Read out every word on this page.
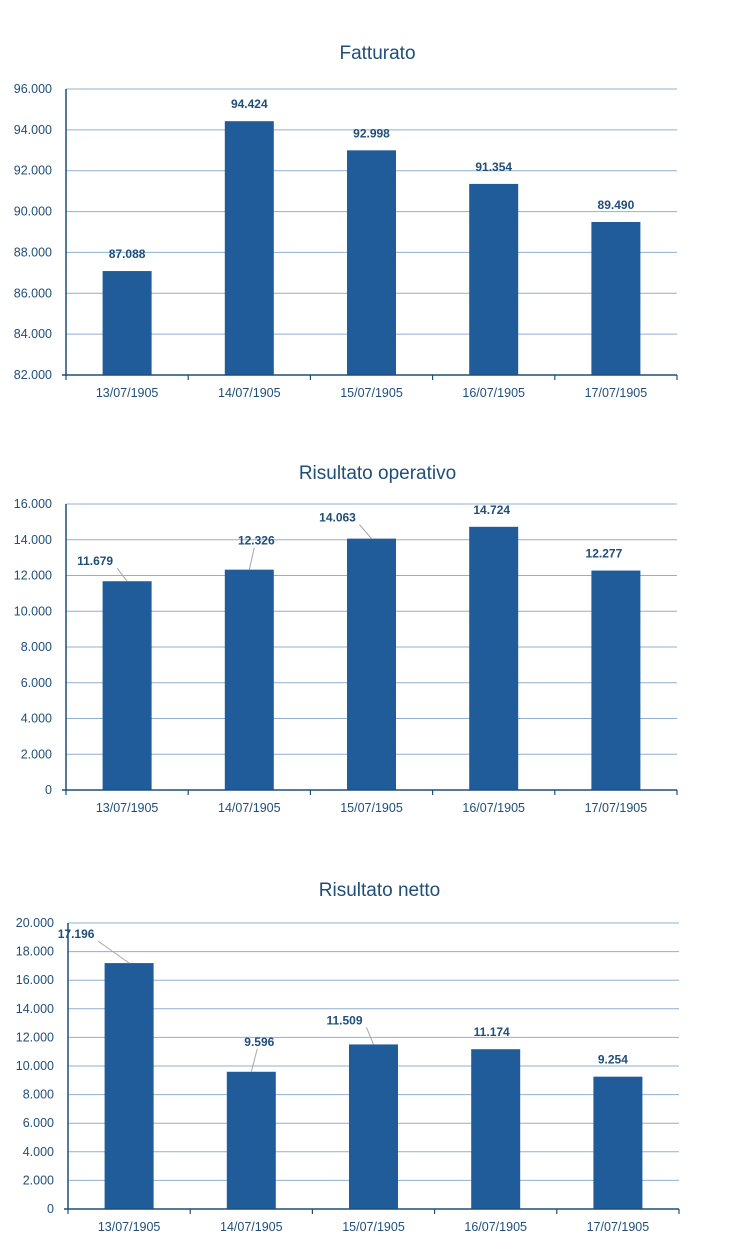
Fatturato
82.000
84.000
86.000
88.000
90.000
92.000
94.000
96.000
13/07/1905	14/07/1905	15/07/1905	16/07/1905	17/07/1905
87.088
94.424
92.998
91.354
89.490
Risultato operativo
0
2.000
4.000
6.000
8.000
10.000
12.000
14.000
16.000
13/07/1905	14/07/1905	15/07/1905	16/07/1905	17/07/1905
11.679
12.326
14.063
14.724
12.277
Risultato netto
0
2.000
4.000
6.000
8.000
10.000
12.000
14.000
16.000
18.000
20.000
13/07/1905	14/07/1905	15/07/1905	16/07/1905	17/07/1905
17.196
9.596
11.509
11.174
9.254
